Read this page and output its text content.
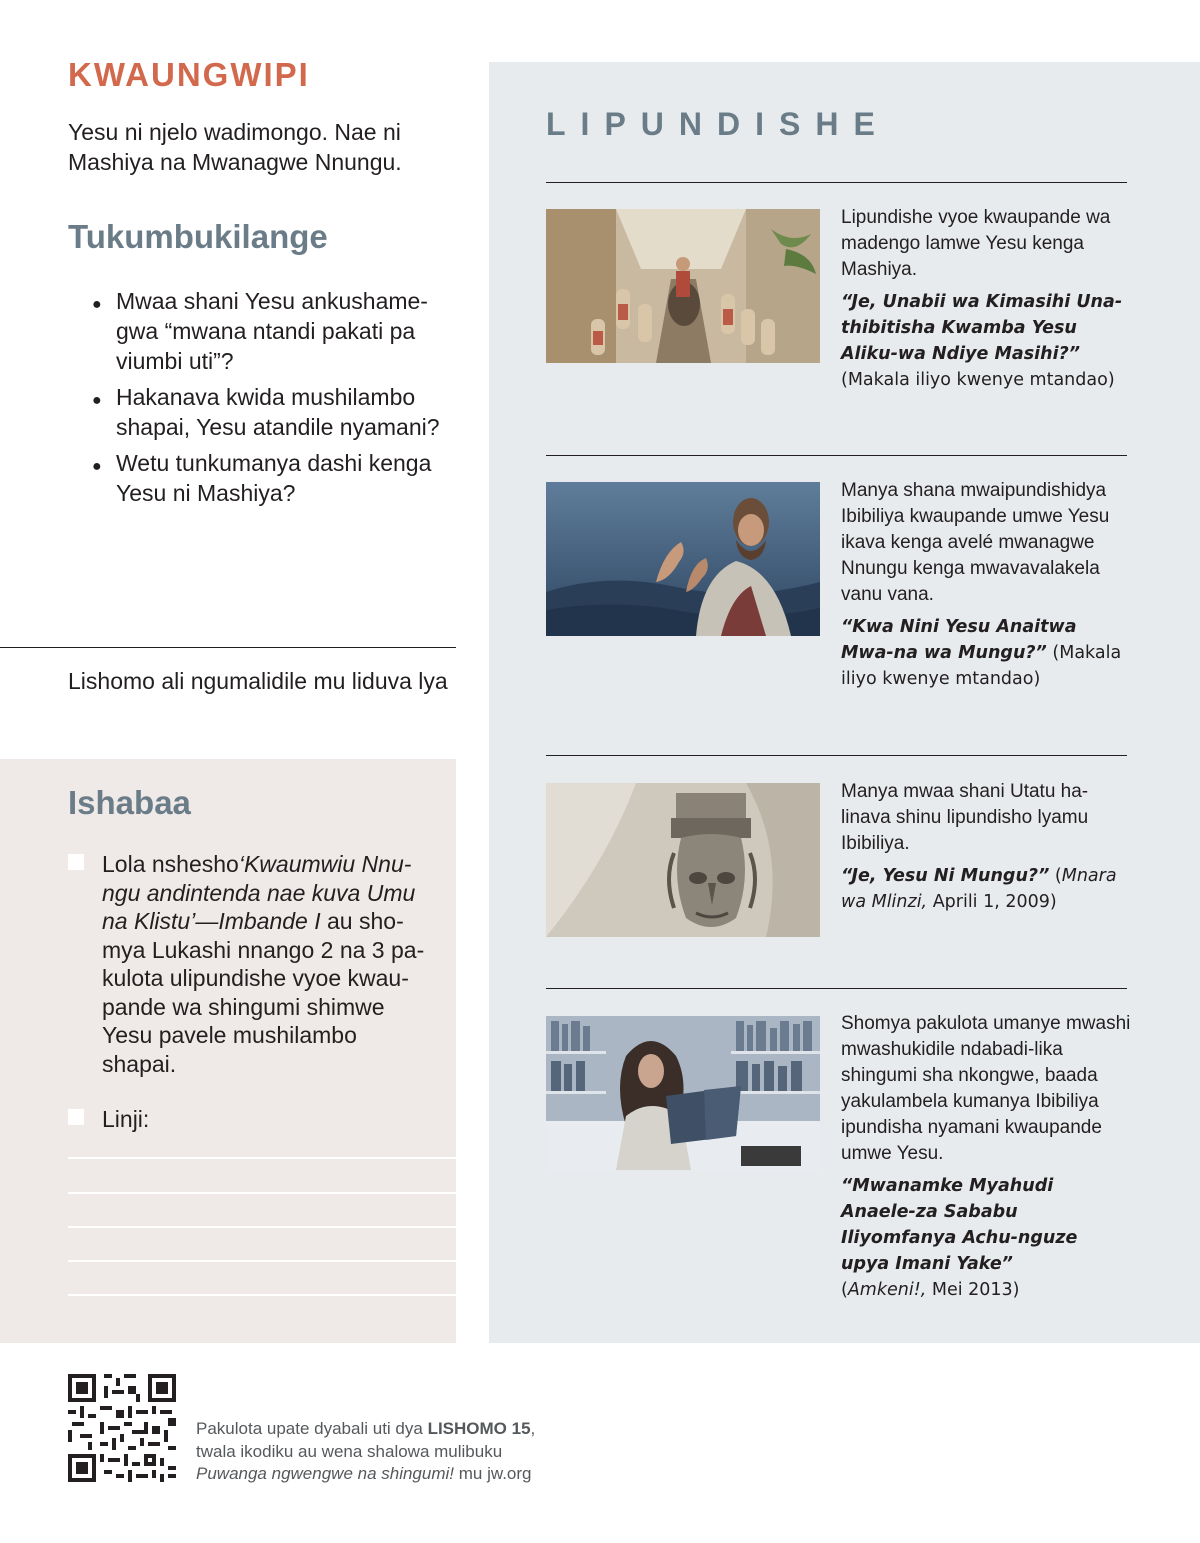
KWAUNGWIPI
Yesu ni njelo wadimongo. Nae ni Mashiya na Mwanagwe Nnungu.
Tukumbukilange
● Mwaa shani Yesu ankushame-gwa “mwana ntandi pakati pa viumbi uti”?
● Hakanava kwida mushilambo shapai, Yesu atandile nyamani?
● Wetu tunkumanya dashi kenga Yesu ni Mashiya?
Lishomo ali ngumalidile mu liduva lya
Ishabaa
Lola nshesho‘Kwaumwiu Nnu-ngu andintenda nae kuva Umu na Klistu’—Imbande I au sho-mya Lukashi nnango 2 na 3 pa-kulota ulipundishe vyoe kwau-pande wa shingumi shimwe Yesu pavele mushilambo shapai.
Linji:
LIPUNDISHE

Lipundishe vyoe kwaupande wa madengo lamwe Yesu kenga Mashiya.

“Je, Unabii wa Kimasihi Una-thibitisha Kwamba Yesu Aliku-wa Ndiye Masihi?” (Makala iliyo kwenye mtandao)

Manya shana mwaipundishidya Ibibiliya kwaupande umwe Yesu ikava kenga avelé mwanagwe Nnungu kenga mwavavalakela vanu vana.

“Kwa Nini Yesu Anaitwa Mwa-na wa Mungu?” (Makala iliyo kwenye mtandao)

Manya mwaa shani Utatu ha-linava shinu lipundisho lyamu Ibibiliya.

“Je, Yesu Ni Mungu?” (Mnara wa Mlinzi, Aprili 1, 2009)

Shomya pakulota umanye mwashi mwashukidile ndabadi-lika shingumi sha nkongwe, baada yakulambela kumanya Ibibiliya ipundisha nyamani kwaupande umwe Yesu.

“Mwanamke Myahudi Anaele-za Sababu Iliyomfanya Achu-nguze upya Imani Yake”
(Amkeni!, Mei 2013)

Pakulota upate dyabali uti dya LISHOMO 15,
twala ikodiku au wena shalowa mulibuku
Puwanga ngwengwe na shingumi! mu jw.org
